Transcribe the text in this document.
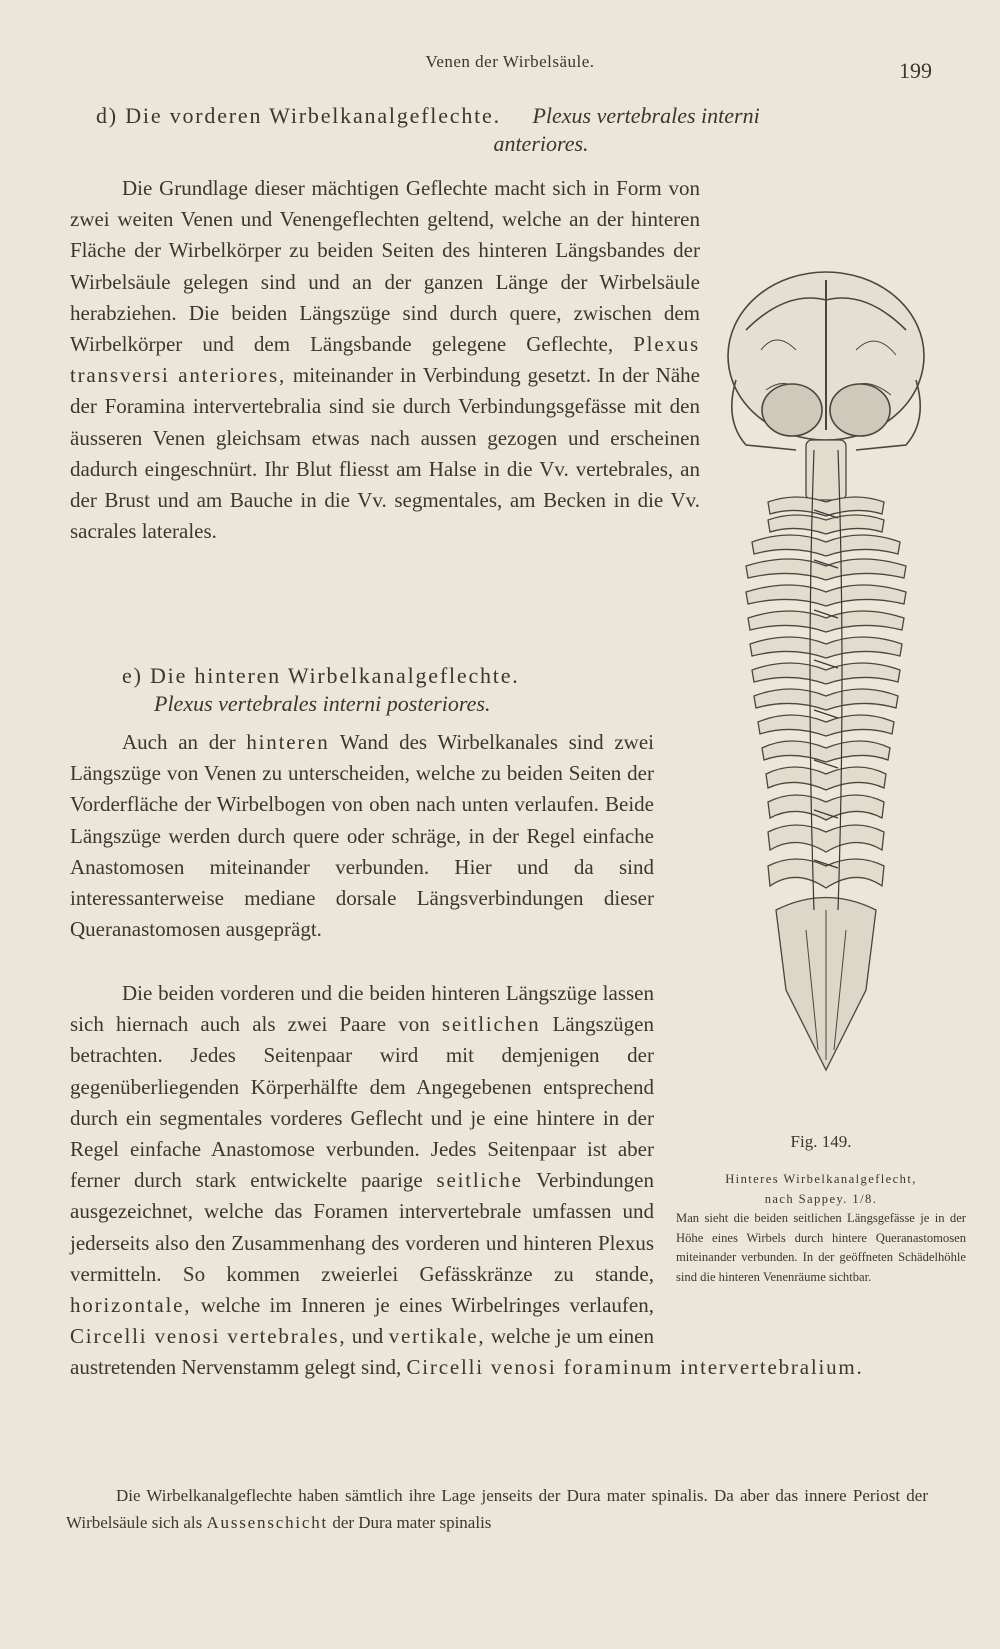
Venen der Wirbelsäule.	199
d) Die vorderen Wirbelkanalgeflechte. Plexus vertebrales interni
anteriores.
Die Grundlage dieser mächtigen Geflechte macht sich in Form von zwei weiten Venen und Venengeflechten geltend, welche an der hinteren Fläche der Wirbelkörper zu beiden Seiten des hinteren Längsbandes der Wirbelsäule gelegen sind und an der ganzen Länge der Wirbelsäule herabziehen. Die beiden Längszüge sind durch quere, zwischen dem Wirbelkörper und dem Längsbande gelegene Geflechte, Plexus transversi anteriores, miteinander in Verbindung gesetzt. In der Nähe der Foramina intervertebralia sind sie durch Verbindungsgefässe mit den äusseren Venen gleichsam etwas nach aussen gezogen und erscheinen dadurch eingeschnürt. Ihr Blut fliesst am Halse in die Vv. vertebrales, an der Brust und am Bauche in die Vv. segmentales, am Becken in die Vv. sacrales laterales.
e) Die hinteren Wirbelkanalgeflechte.
Plexus vertebrales interni posteriores.
Auch an der hinteren Wand des Wirbelkanales sind zwei Längszüge von Venen zu unterscheiden, welche zu beiden Seiten der Vorderfläche der Wirbelbogen von oben nach unten verlaufen. Beide Längszüge werden durch quere oder schräge, in der Regel einfache Anastomosen miteinander verbunden. Hier und da sind interessanterweise mediane dorsale Längsverbindungen dieser Queranastomosen ausgeprägt.
Die beiden vorderen und die beiden hinteren Längszüge lassen sich hiernach auch als zwei Paare von seitlichen Längszügen betrachten. Jedes Seitenpaar wird mit demjenigen der gegenüberliegenden Körperhälfte dem Angegebenen entsprechend durch ein segmentales vorderes Geflecht und je eine hintere in der Regel einfache Anastomose verbunden. Jedes Seitenpaar ist aber ferner durch stark entwickelte paarige seitliche Verbindungen ausgezeichnet, welche das Foramen intervertebrale umfassen und jederseits also den Zusammenhang des vorderen und hinteren Plexus vermitteln. So kommen zweierlei Gefässkränze zu stande, horizontale, welche im Inneren je eines Wirbelringes verlaufen, Circelli venosi vertebrales, und vertikale, welche je um einen austretenden Nervenstamm gelegt sind, Circelli venosi foraminum intervertebralium.
Die Wirbelkanalgeflechte haben sämtlich ihre Lage jenseits der Dura mater spinalis. Da aber das innere Periost der Wirbelsäule sich als Aussenschicht der Dura mater spinalis
Fig. 149.
Hinteres Wirbelkanalgeflecht,
nach Sappey. 1/8.
Man sieht die beiden seitlichen Längsgefässe je in der Höhe eines Wirbels durch hintere Queranastomosen miteinander verbunden. In der geöffneten Schädelhöhle sind die hinteren Venenräume sichtbar.
